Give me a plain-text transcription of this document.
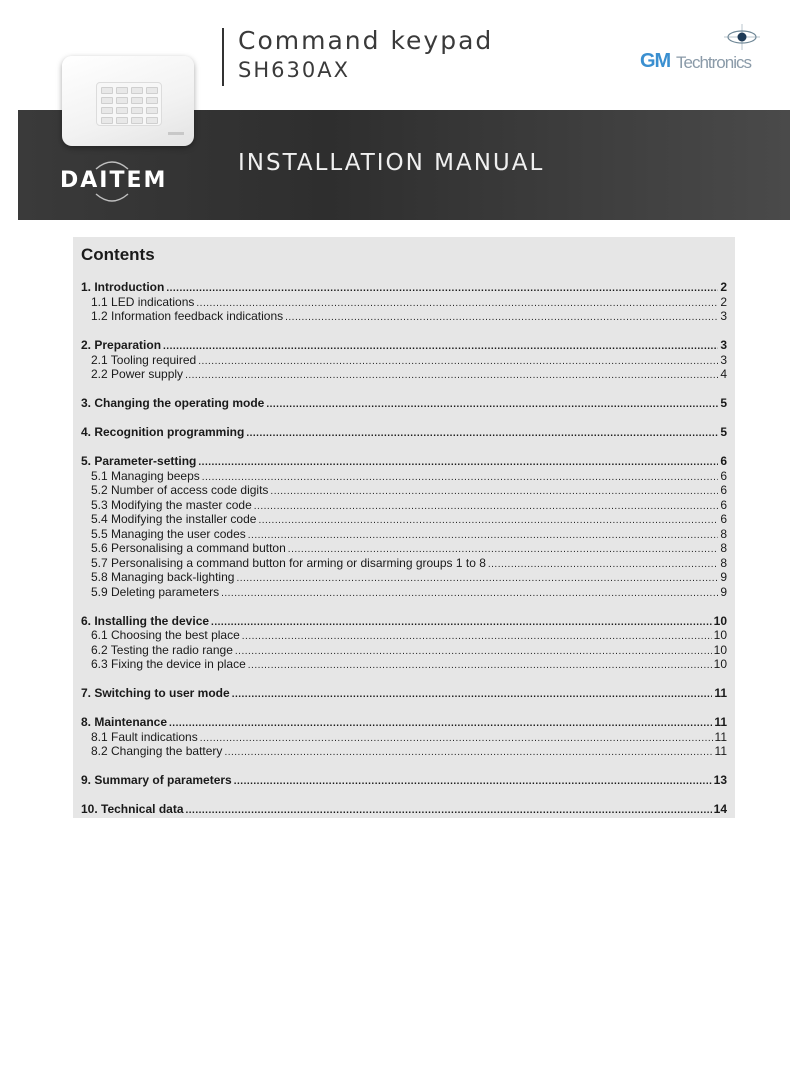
Command keypad
SH630AX	GM Techtronics
INSTALLATION MANUAL
DAITEM
Contents
1. Introduction .....	2
1.1 LED indications .....	2
1.2 Information feedback indications .....	3
2. Preparation .....	3
2.1 Tooling required .....	3
2.2 Power supply .....	4
3. Changing the operating mode .....	5
4. Recognition programming .....	5
5. Parameter-setting .....	6
5.1 Managing beeps .....	6
5.2 Number of access code digits .....	6
5.3 Modifying the master code .....	6
5.4 Modifying the installer code .....	6
5.5 Managing the user codes .....	8
5.6 Personalising a command button .....	8
5.7 Personalising a command button for arming or disarming groups 1 to 8 .....	8
5.8 Managing back-lighting .....	9
5.9 Deleting parameters .....	9
6. Installing the device .....	10
6.1 Choosing the best place .....	10
6.2 Testing the radio range .....	10
6.3 Fixing the device in place .....	10
7. Switching to user mode .....	11
8. Maintenance .....	11
8.1 Fault indications .....	11
8.2 Changing the battery .....	11
9. Summary of parameters .....	13
10. Technical data .....	14
